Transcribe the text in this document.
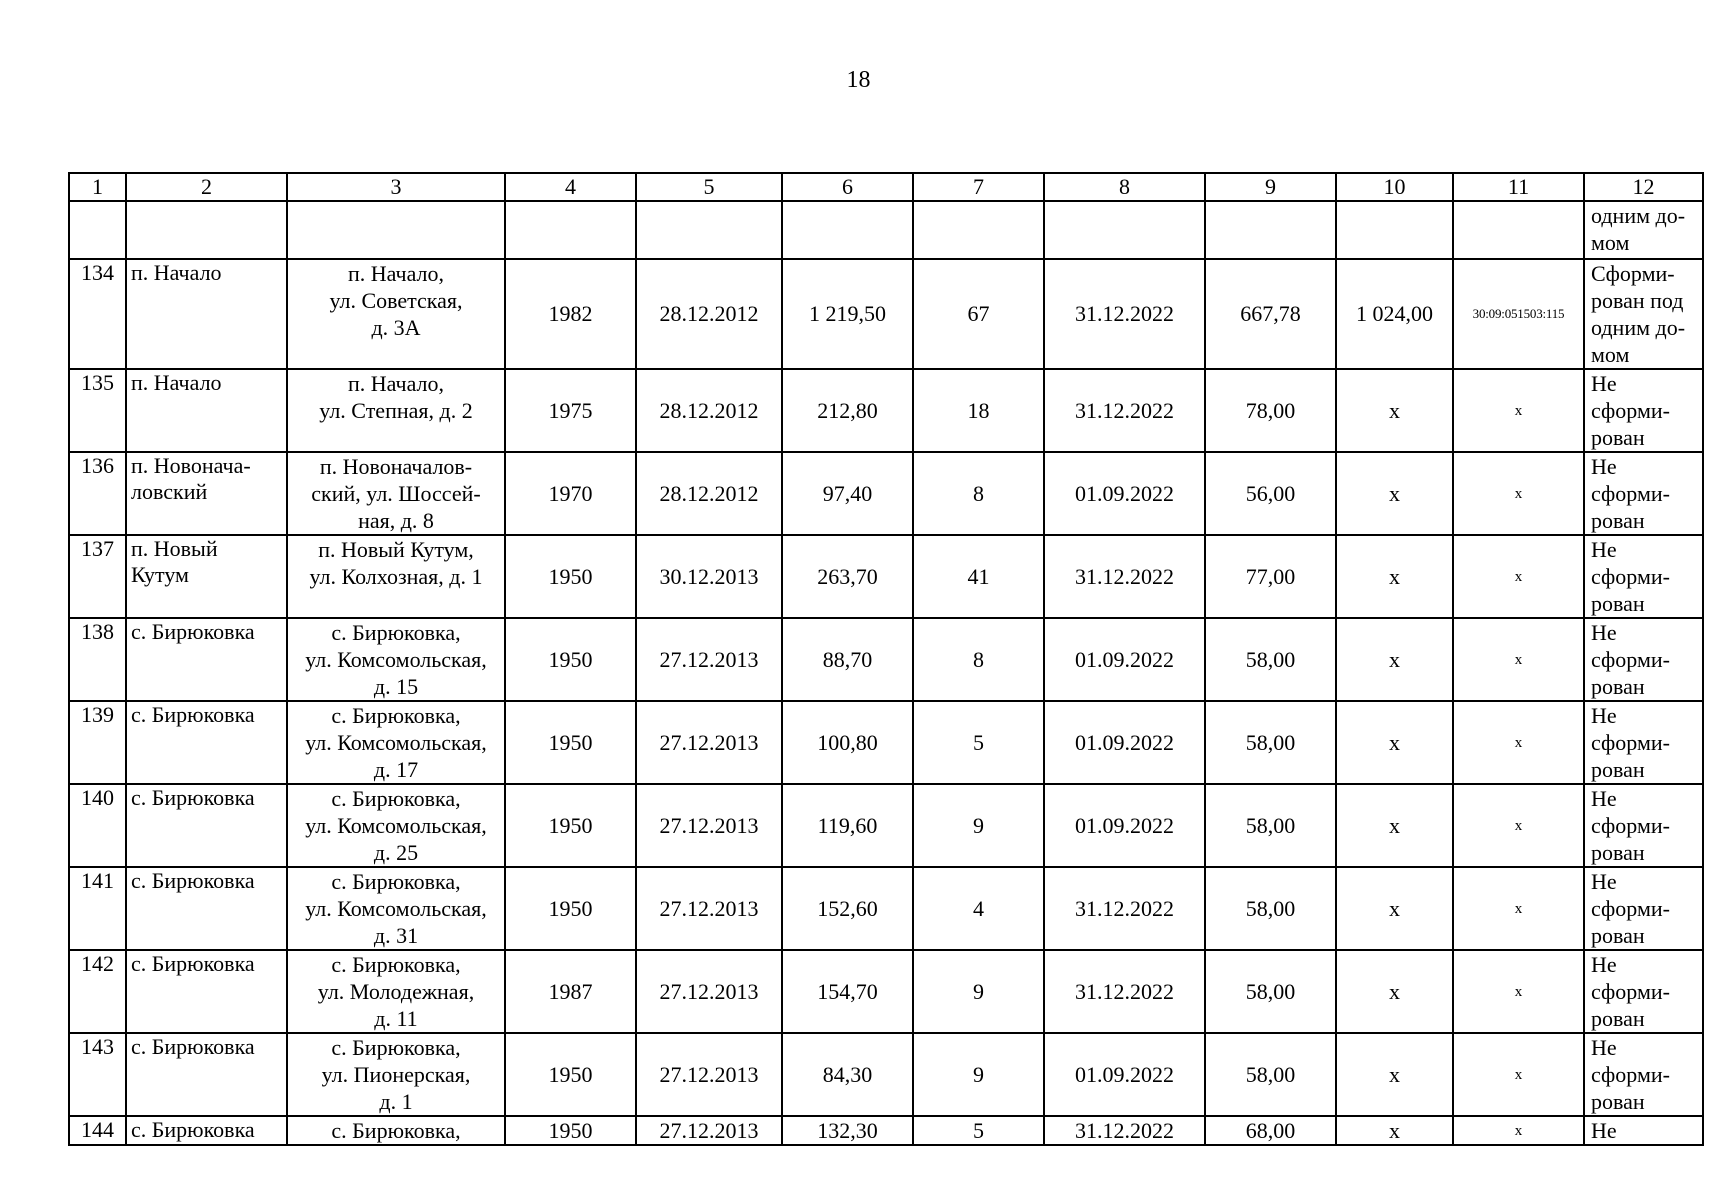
18
1	2	3	4	5	6	7	8	9	10	11	12

											одним до-
мом

134	п. Начало	п. Начало,
ул. Советская,
д. 3А	1982	28.12.2012	1 219,50	67	31.12.2022	667,78	1 024,00	30:09:051503:115	Сформи-
рован под
одним до-
мом

135	п. Начало	п. Начало,
ул. Степная, д. 2	1975	28.12.2012	212,80	18	31.12.2022	78,00	х	х	Не
сформи-
рован

136	п. Новонача-
ловский	п. Новоначалов-
ский, ул. Шоссей-
ная, д. 8	1970	28.12.2012	97,40	8	01.09.2022	56,00	х	х	Не
сформи-
рован

137	п. Новый
Кутум	п. Новый Кутум,
ул. Колхозная, д. 1	1950	30.12.2013	263,70	41	31.12.2022	77,00	х	х	Не
сформи-
рован

138	с. Бирюковка	с. Бирюковка,
ул. Комсомольская,
д. 15	1950	27.12.2013	88,70	8	01.09.2022	58,00	х	х	Не
сформи-
рован

139	с. Бирюковка	с. Бирюковка,
ул. Комсомольская,
д. 17	1950	27.12.2013	100,80	5	01.09.2022	58,00	х	х	Не
сформи-
рован

140	с. Бирюковка	с. Бирюковка,
ул. Комсомольская,
д. 25	1950	27.12.2013	119,60	9	01.09.2022	58,00	х	х	Не
сформи-
рован

141	с. Бирюковка	с. Бирюковка,
ул. Комсомольская,
д. 31	1950	27.12.2013	152,60	4	31.12.2022	58,00	х	х	Не
сформи-
рован

142	с. Бирюковка	с. Бирюковка,
ул. Молодежная,
д. 11	1987	27.12.2013	154,70	9	31.12.2022	58,00	х	х	Не
сформи-
рован

143	с. Бирюковка	с. Бирюковка,
ул. Пионерская,
д. 1	1950	27.12.2013	84,30	9	01.09.2022	58,00	х	х	Не
сформи-
рован

144	с. Бирюковка	с. Бирюковка,	1950	27.12.2013	132,30	5	31.12.2022	68,00	х	х	Не
